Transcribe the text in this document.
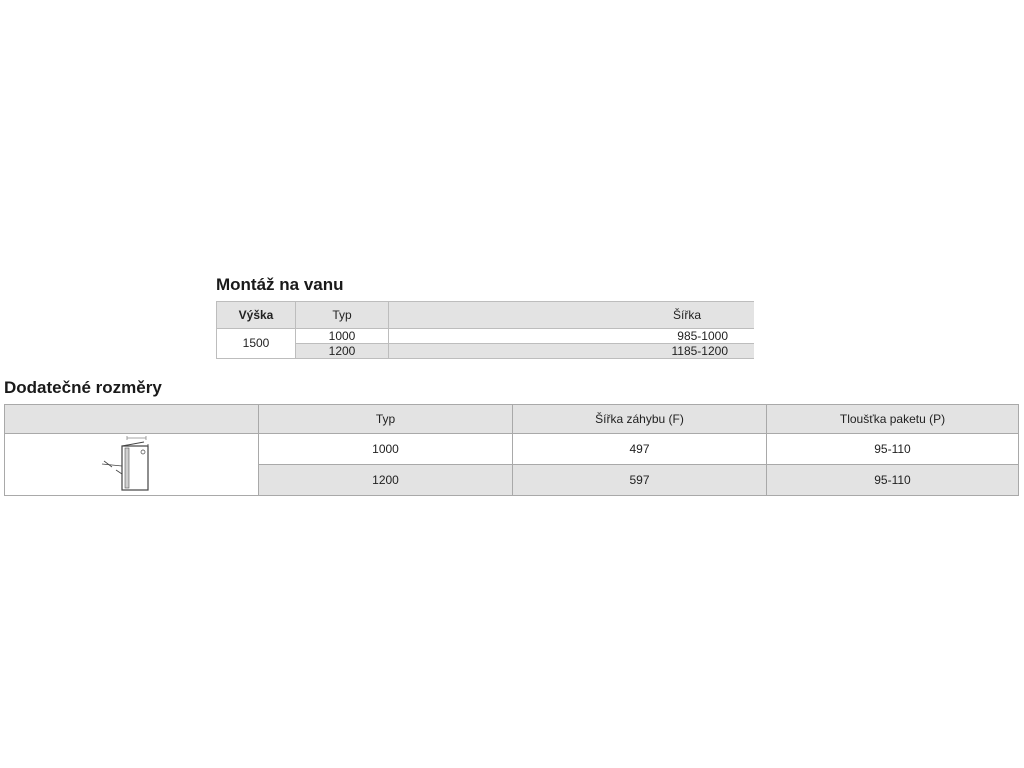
Montáž na vanu
Výška	Typ	Šířka
1500	1000	985-1000
	1200	1185-1200
Dodatečné rozměry
	Typ	Šířka záhybu (F)	Tloušťka paketu (P)
	1000	497	95-110
	1200	597	95-110
